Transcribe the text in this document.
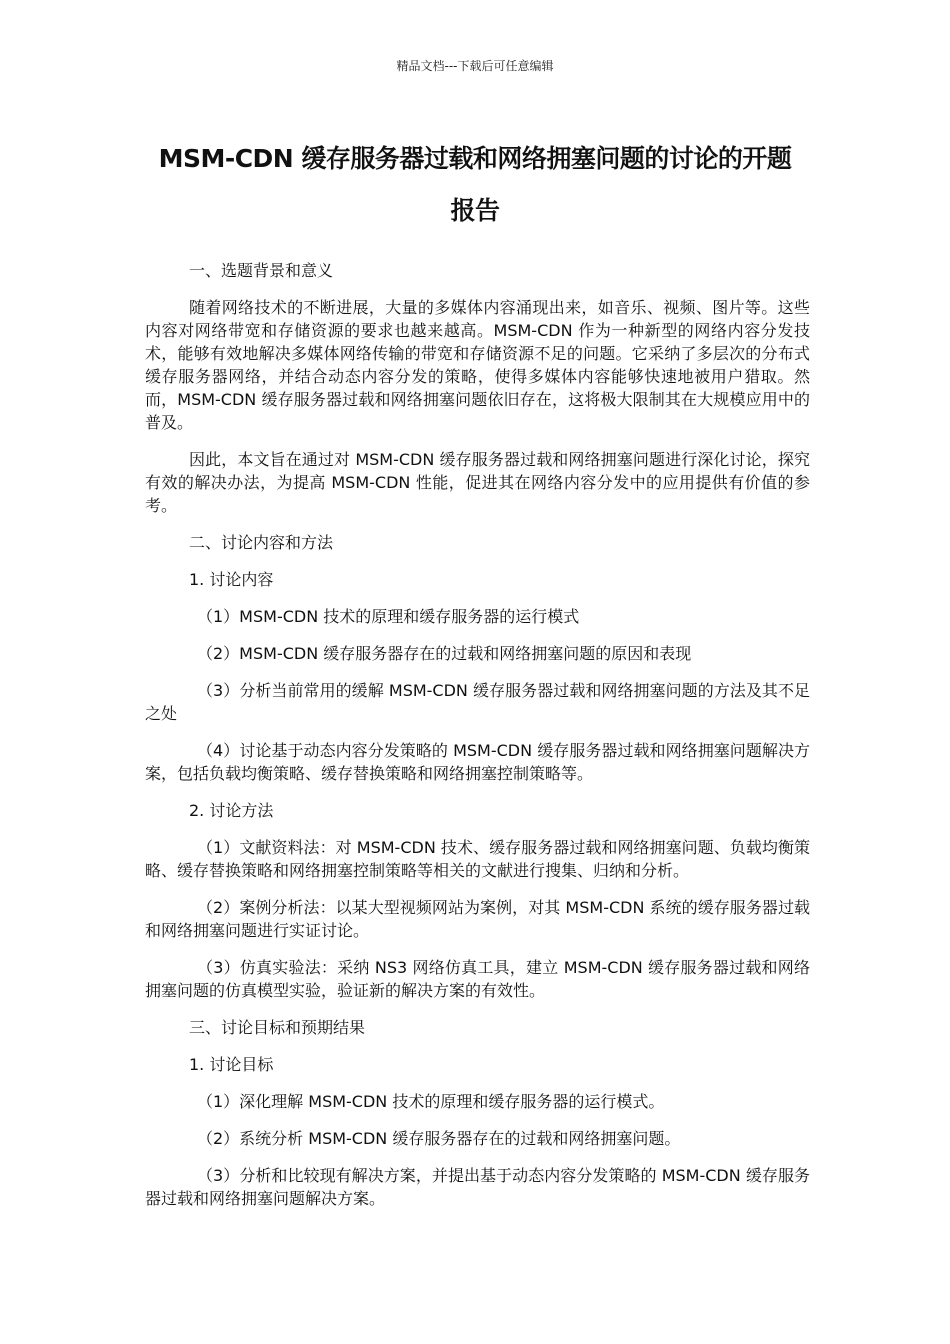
精品文档---下载后可任意编辑
MSM-CDN 缓存服务器过载和网络拥塞问题的讨论的开题
报告

一、选题背景和意义

随着网络技术的不断进展，大量的多媒体内容涌现出来，如音乐、视频、图片等。这些内容对网络带宽和存储资源的要求也越来越高。MSM-CDN 作为一种新型的网络内容分发技术，能够有效地解决多媒体网络传输的带宽和存储资源不足的问题。它采纳了多层次的分布式缓存服务器网络，并结合动态内容分发的策略，使得多媒体内容能够快速地被用户猎取。然而，MSM-CDN 缓存服务器过载和网络拥塞问题依旧存在，这将极大限制其在大规模应用中的普及。

因此，本文旨在通过对 MSM-CDN 缓存服务器过载和网络拥塞问题进行深化讨论，探究有效的解决办法，为提高 MSM-CDN 性能，促进其在网络内容分发中的应用提供有价值的参考。

二、讨论内容和方法

1. 讨论内容

（1）MSM-CDN 技术的原理和缓存服务器的运行模式

（2）MSM-CDN 缓存服务器存在的过载和网络拥塞问题的原因和表现

（3）分析当前常用的缓解 MSM-CDN 缓存服务器过载和网络拥塞问题的方法及其不足之处

（4）讨论基于动态内容分发策略的 MSM-CDN 缓存服务器过载和网络拥塞问题解决方案，包括负载均衡策略、缓存替换策略和网络拥塞控制策略等。

2. 讨论方法

（1）文献资料法：对 MSM-CDN 技术、缓存服务器过载和网络拥塞问题、负载均衡策略、缓存替换策略和网络拥塞控制策略等相关的文献进行搜集、归纳和分析。

（2）案例分析法：以某大型视频网站为案例，对其 MSM-CDN 系统的缓存服务器过载和网络拥塞问题进行实证讨论。

（3）仿真实验法：采纳 NS3 网络仿真工具，建立 MSM-CDN 缓存服务器过载和网络拥塞问题的仿真模型实验，验证新的解决方案的有效性。

三、讨论目标和预期结果

1. 讨论目标

（1）深化理解 MSM-CDN 技术的原理和缓存服务器的运行模式。

（2）系统分析 MSM-CDN 缓存服务器存在的过载和网络拥塞问题。

（3）分析和比较现有解决方案，并提出基于动态内容分发策略的 MSM-CDN 缓存服务器过载和网络拥塞问题解决方案。
